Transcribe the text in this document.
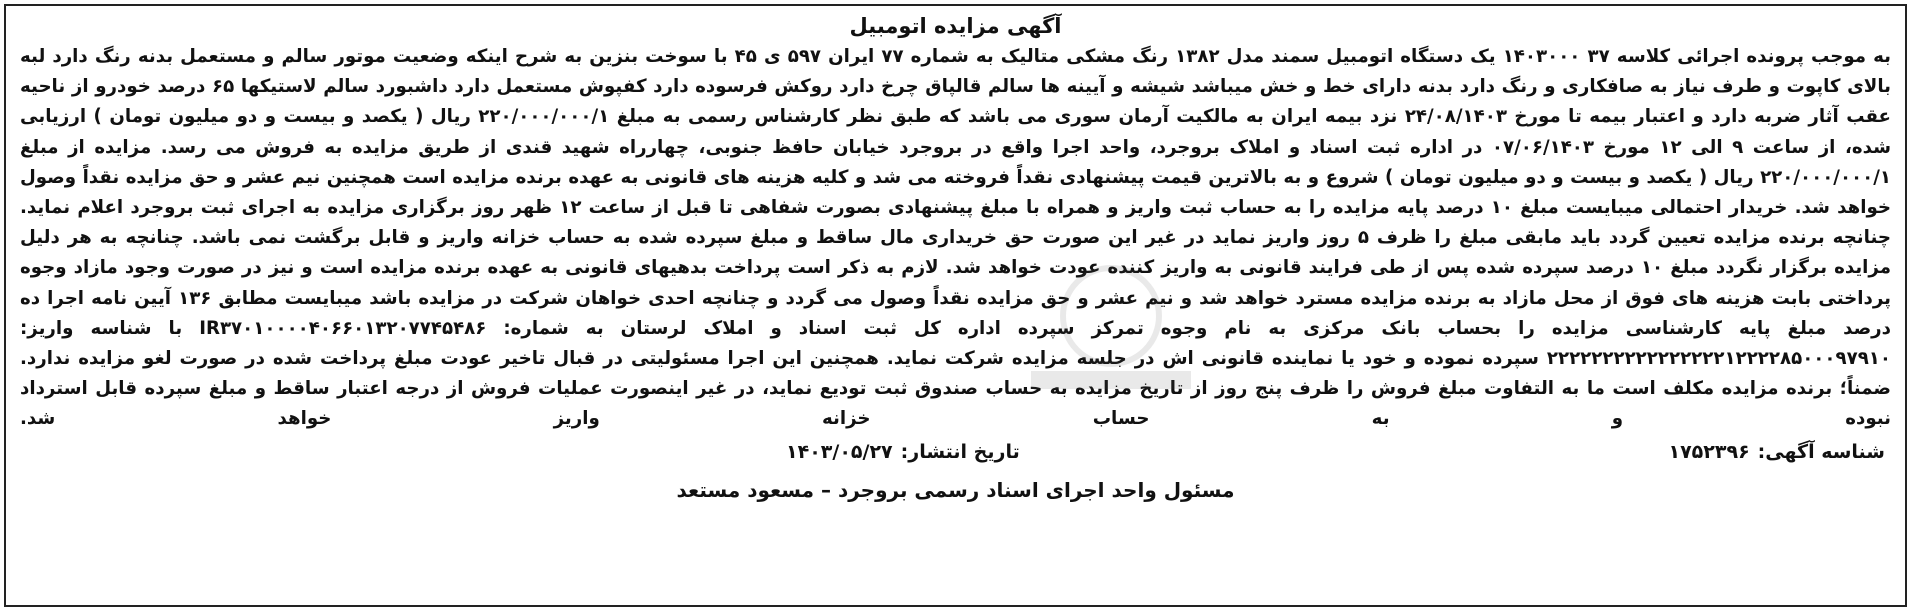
آگهی مزایده اتومبیل

به موجب پرونده اجرائی کلاسه ۳۷ ۱۴۰۳۰۰۰ یک دستگاه اتومبیل سمند مدل ۱۳۸۲ رنگ مشکی متالیک به شماره ۷۷ ایران ۵۹۷ ی ۴۵ با سوخت بنزین به شرح اینکه وضعیت موتور سالم و مستعمل بدنه رنگ دارد لبه بالای کاپوت و طرف نیاز به صافکاری و رنگ دارد بدنه دارای خط و خش میباشد شیشه و آیینه ها سالم قالپاق چرخ دارد روکش فرسوده دارد کفپوش مستعمل دارد داشبورد سالم لاستیکها ۶۵ درصد خودرو از ناحیه عقب آثار ضربه دارد و اعتبار بیمه تا مورخ ۲۴/۰۸/۱۴۰۳ نزد بیمه ایران به مالکیت آرمان سوری می باشد که طبق نظر کارشناس رسمی به مبلغ ۲۲۰/۰۰۰/۰۰۰/۱ ریال ( یکصد و بیست و دو میلیون تومان ) ارزیابی شده، از ساعت ۹ الی ۱۲ مورخ ۰۷/۰۶/۱۴۰۳ در اداره ثبت اسناد و املاک بروجرد، واحد اجرا واقع در بروجرد خیابان حافظ جنوبی، چهارراه شهید قندی از طریق مزایده به فروش می رسد. مزایده از مبلغ ۲۲۰/۰۰۰/۰۰۰/۱ ریال ( یکصد و بیست و دو میلیون تومان ) شروع و به بالاترین قیمت پیشنهادی نقداً فروخته می شد و کلیه هزینه های قانونی به عهده برنده مزایده است همچنین نیم عشر و حق مزایده نقداً وصول خواهد شد. خریدار احتمالی میبایست مبلغ ۱۰ درصد پایه مزایده را به حساب ثبت واریز و همراه با مبلغ پیشنهادی بصورت شفاهی تا قبل از ساعت ۱۲ ظهر روز برگزاری مزایده به اجرای ثبت بروجرد اعلام نماید. چنانچه برنده مزایده تعیین گردد باید مابقی مبلغ را ظرف ۵ روز واریز نماید در غیر این صورت حق خریداری مال ساقط و مبلغ سپرده شده به حساب خزانه واریز و قابل برگشت نمی باشد. چنانچه به هر دلیل مزایده برگزار نگردد مبلغ ۱۰ درصد سپرده شده پس از طی فرایند قانونی به واریز کننده عودت خواهد شد. لازم به ذکر است پرداخت بدهیهای قانونی به عهده برنده مزایده است و نیز در صورت وجود مازاد وجوه پرداختی بابت هزینه های فوق از محل مازاد به برنده مزایده مسترد خواهد شد و نیم عشر و حق مزایده نقداً وصول می گردد و چنانچه احدی خواهان شرکت در مزایده باشد میبایست مطابق ۱۳۶ آیین نامه اجرا ده درصد مبلغ پایه کارشناسی مزایده را بحساب بانک مرکزی به نام وجوه تمرکز سپرده اداره کل ثبت اسناد و املاک لرستان به شماره: IR۳۷۰۱۰۰۰۰۴۰۶۶۰۱۳۲۰۷۷۴۵۴۸۶ با شناسه واریز: ۲۲۲۲۲۲۲۲۲۲۲۲۲۲۲۲۱۲۲۲۲۸۵۰۰۰۹۷۹۱۰ سپرده نموده و خود یا نماینده قانونی اش در جلسه مزایده شرکت نماید. همچنین این اجرا مسئولیتی در قبال تاخیر عودت مبلغ پرداخت شده در صورت لغو مزایده ندارد. ضمناً؛ برنده مزایده مکلف است ما به التفاوت مبلغ فروش را ظرف پنج روز از تاریخ مزایده به حساب صندوق ثبت توديع نماید، در غیر اینصورت عملیات فروش از درجه اعتبار ساقط و مبلغ سپرده قابل استرداد نبوده و به حساب خزانه واریز خواهد شد.

شناسه آگهی:
۱۷۵۲۳۹۶
تاریخ انتشار:
۱۴۰۳/۰۵/۲۷
مسئول واحد اجرای اسناد رسمی بروجرد – مسعود مستعد
